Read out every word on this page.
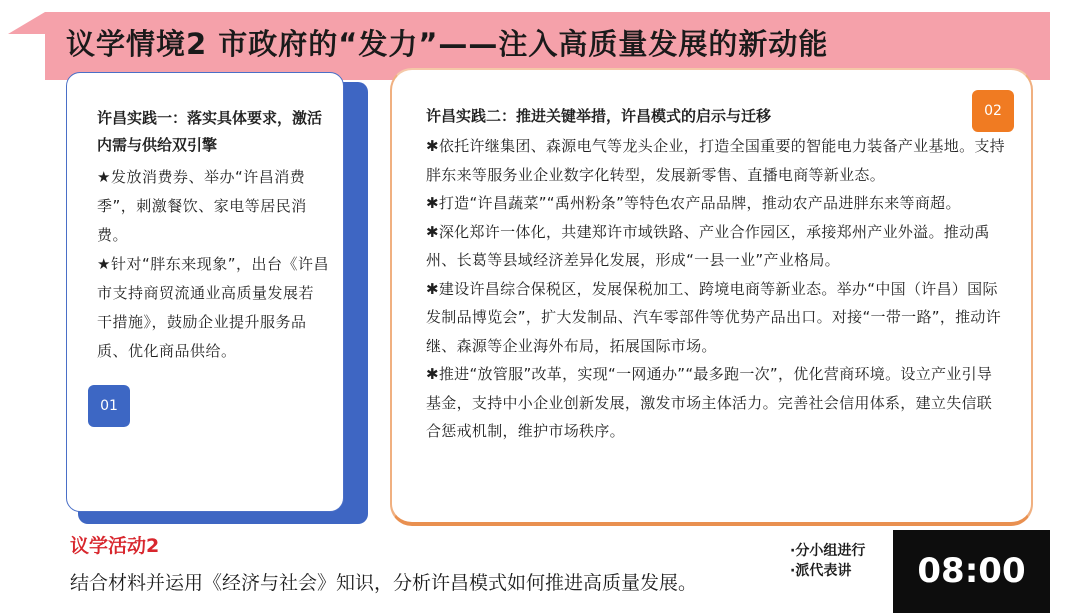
议学情境2 市政府的“发力”——注入高质量发展的新动能
许昌实践一：落实具体要求，激活内需与供给双引擎
★发放消费券、举办“许昌消费季”，刺激餐饮、家电等居民消费。
★针对“胖东来现象”，出台《许昌市支持商贸流通业高质量发展若干措施》，鼓励企业提升服务品质、优化商品供给。
01
许昌实践二：推进关键举措，许昌模式的启示与迁移
✱依托许继集团、森源电气等龙头企业，打造全国重要的智能电力装备产业基地。支持胖东来等服务业企业数字化转型，发展新零售、直播电商等新业态。
✱打造“许昌蔬菜”“禹州粉条”等特色农产品品牌，推动农产品进胖东来等商超。
✱深化郑许一体化，共建郑许市域铁路、产业合作园区，承接郑州产业外溢。推动禹州、长葛等县域经济差异化发展，形成“一县一业”产业格局。
✱建设许昌综合保税区，发展保税加工、跨境电商等新业态。举办“中国（许昌）国际发制品博览会”，扩大发制品、汽车零部件等优势产品出口。对接“一带一路”，推动许继、森源等企业海外布局，拓展国际市场。
✱推进“放管服”改革，实现“一网通办”“最多跑一次”，优化营商环境。设立产业引导基金，支持中小企业创新发展，激发市场主体活力。完善社会信用体系，建立失信联合惩戒机制，维护市场秩序。
02
议学活动2
结合材料并运用《经济与社会》知识，分析许昌模式如何推进高质量发展。
·分小组进行
·派代表讲	08:00
